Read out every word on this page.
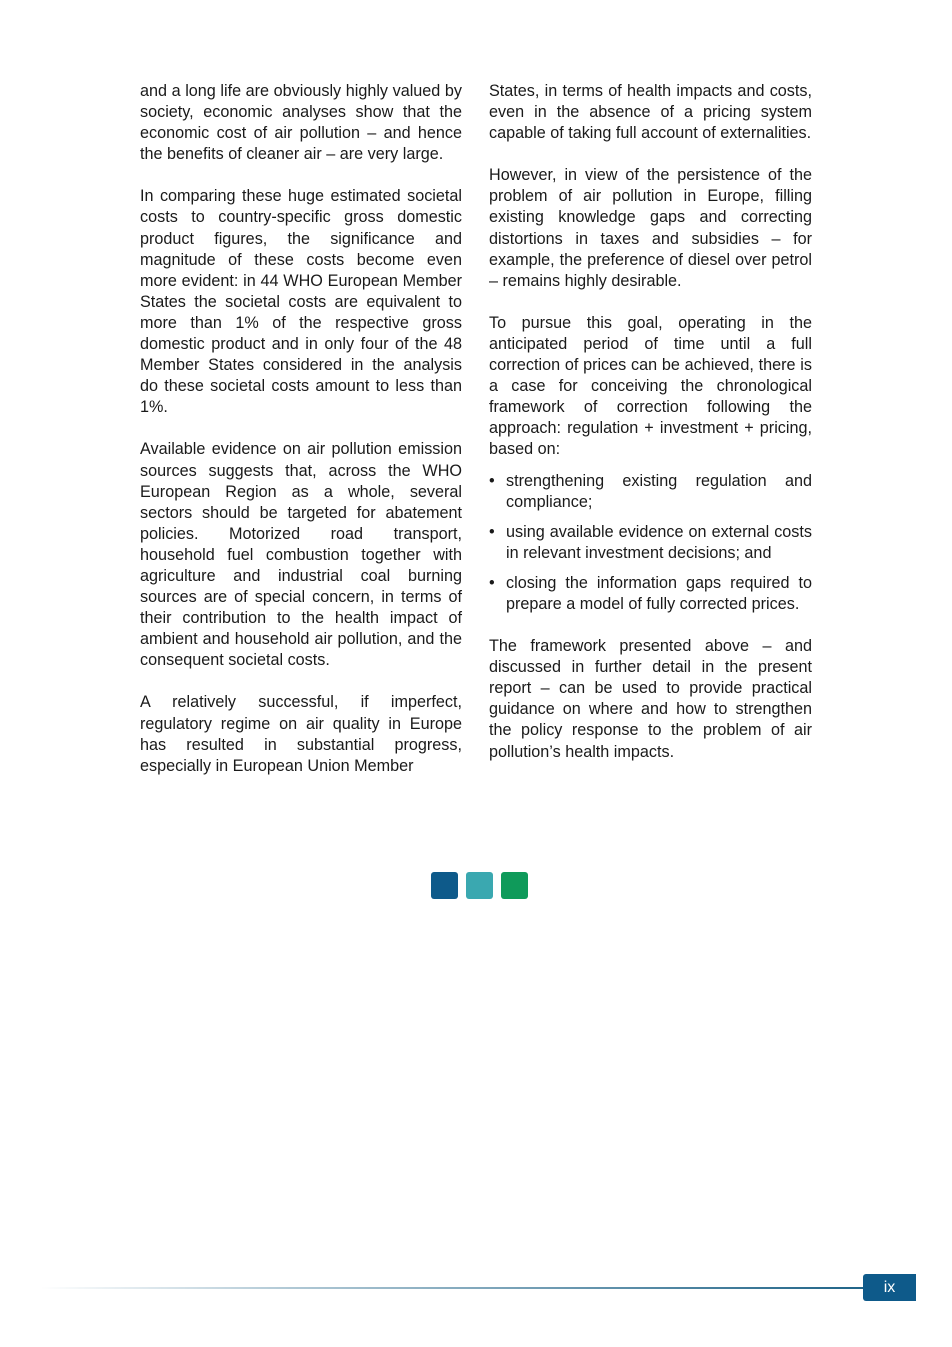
and a long life are obviously highly valued by society, economic analyses show that the economic cost of air pollution – and hence the benefits of cleaner air – are very large.

In comparing these huge estimated societal costs to country-specific gross domestic product figures, the significance and magnitude of these costs become even more evident: in 44 WHO European Member States the societal costs are equivalent to more than 1% of the respective gross domestic product and in only four of the 48 Member States considered in the analysis do these societal costs amount to less than 1%.

Available evidence on air pollution emission sources suggests that, across the WHO European Region as a whole, several sectors should be targeted for abatement policies. Motorized road transport, household fuel combustion together with agriculture and industrial coal burning sources are of special concern, in terms of their contribution to the health impact of ambient and household air pollution, and the consequent societal costs.

A relatively successful, if imperfect, regulatory regime on air quality in Europe has resulted in substantial progress, especially in European Union Member

States, in terms of health impacts and costs, even in the absence of a pricing system capable of taking full account of externalities.

However, in view of the persistence of the problem of air pollution in Europe, filling existing knowledge gaps and correcting distortions in taxes and subsidies – for example, the preference of diesel over petrol – remains highly desirable.

To pursue this goal, operating in the anticipated period of time until a full correction of prices can be achieved, there is a case for conceiving the chronological framework of correction following the approach: regulation + investment + pricing, based on:

• strengthening existing regulation and compliance;
• using available evidence on external costs in relevant investment decisions; and
• closing the information gaps required to prepare a model of fully corrected prices.

The framework presented above – and discussed in further detail in the present report – can be used to provide practical guidance on where and how to strengthen the policy response to the problem of air pollution’s health impacts.

ix
